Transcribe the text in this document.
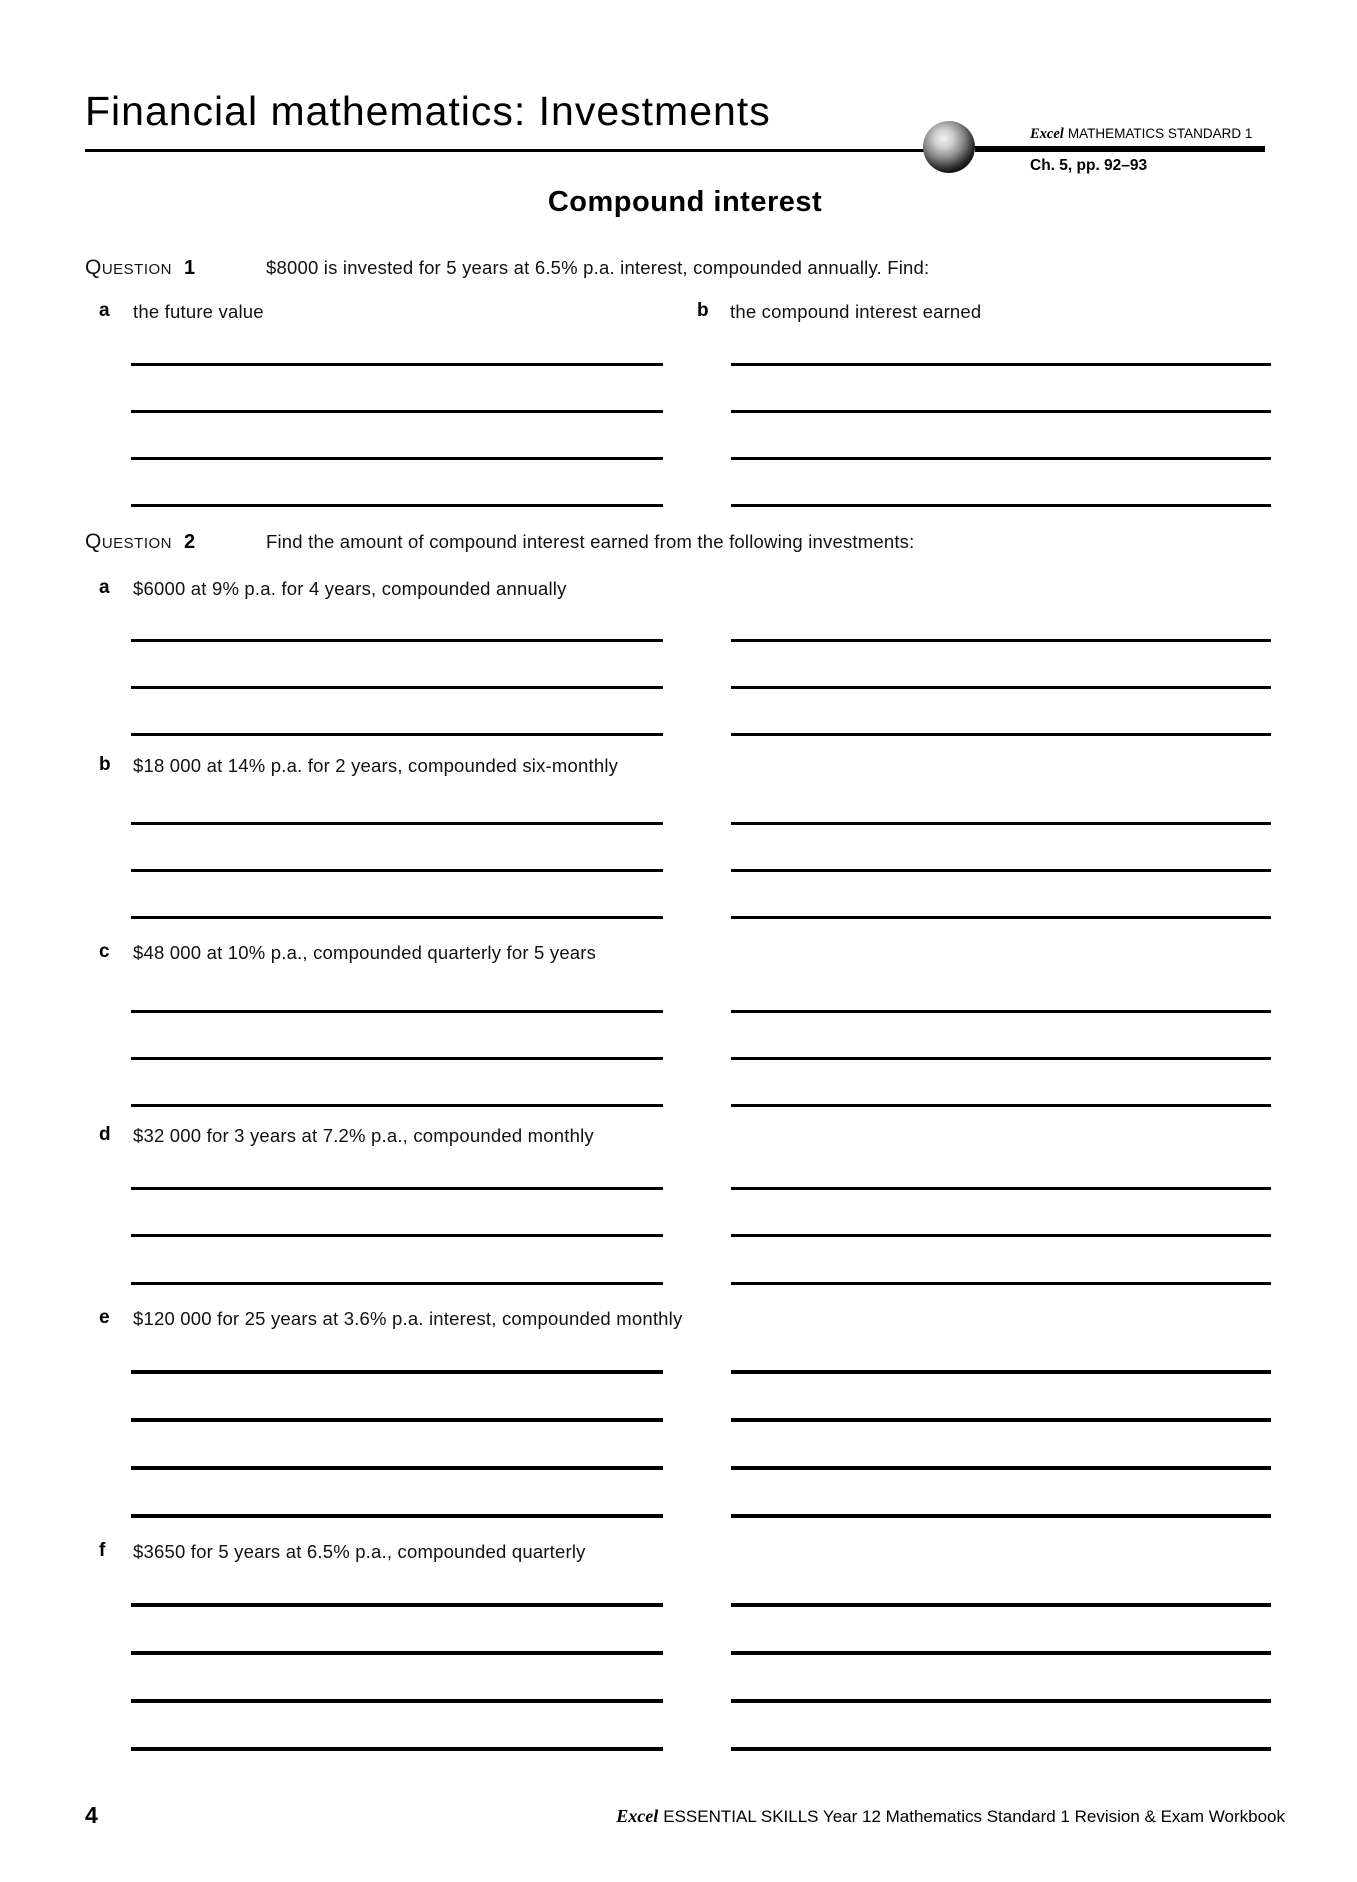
Financial mathematics: Investments	Excel MATHEMATICS STANDARD 1
Ch. 5, pp. 92–93
Compound interest
Question 1	$8000 is invested for 5 years at 6.5% p.a. interest, compounded annually. Find:
a the future value	b the compound interest earned
Question 2	Find the amount of compound interest earned from the following investments:
a $6000 at 9% p.a. for 4 years, compounded annually
b $18 000 at 14% p.a. for 2 years, compounded six-monthly
c $48 000 at 10% p.a., compounded quarterly for 5 years
d $32 000 for 3 years at 7.2% p.a., compounded monthly
e $120 000 for 25 years at 3.6% p.a. interest, compounded monthly
f $3650 for 5 years at 6.5% p.a., compounded quarterly
4	Excel ESSENTIAL SKILLS Year 12 Mathematics Standard 1 Revision & Exam Workbook
